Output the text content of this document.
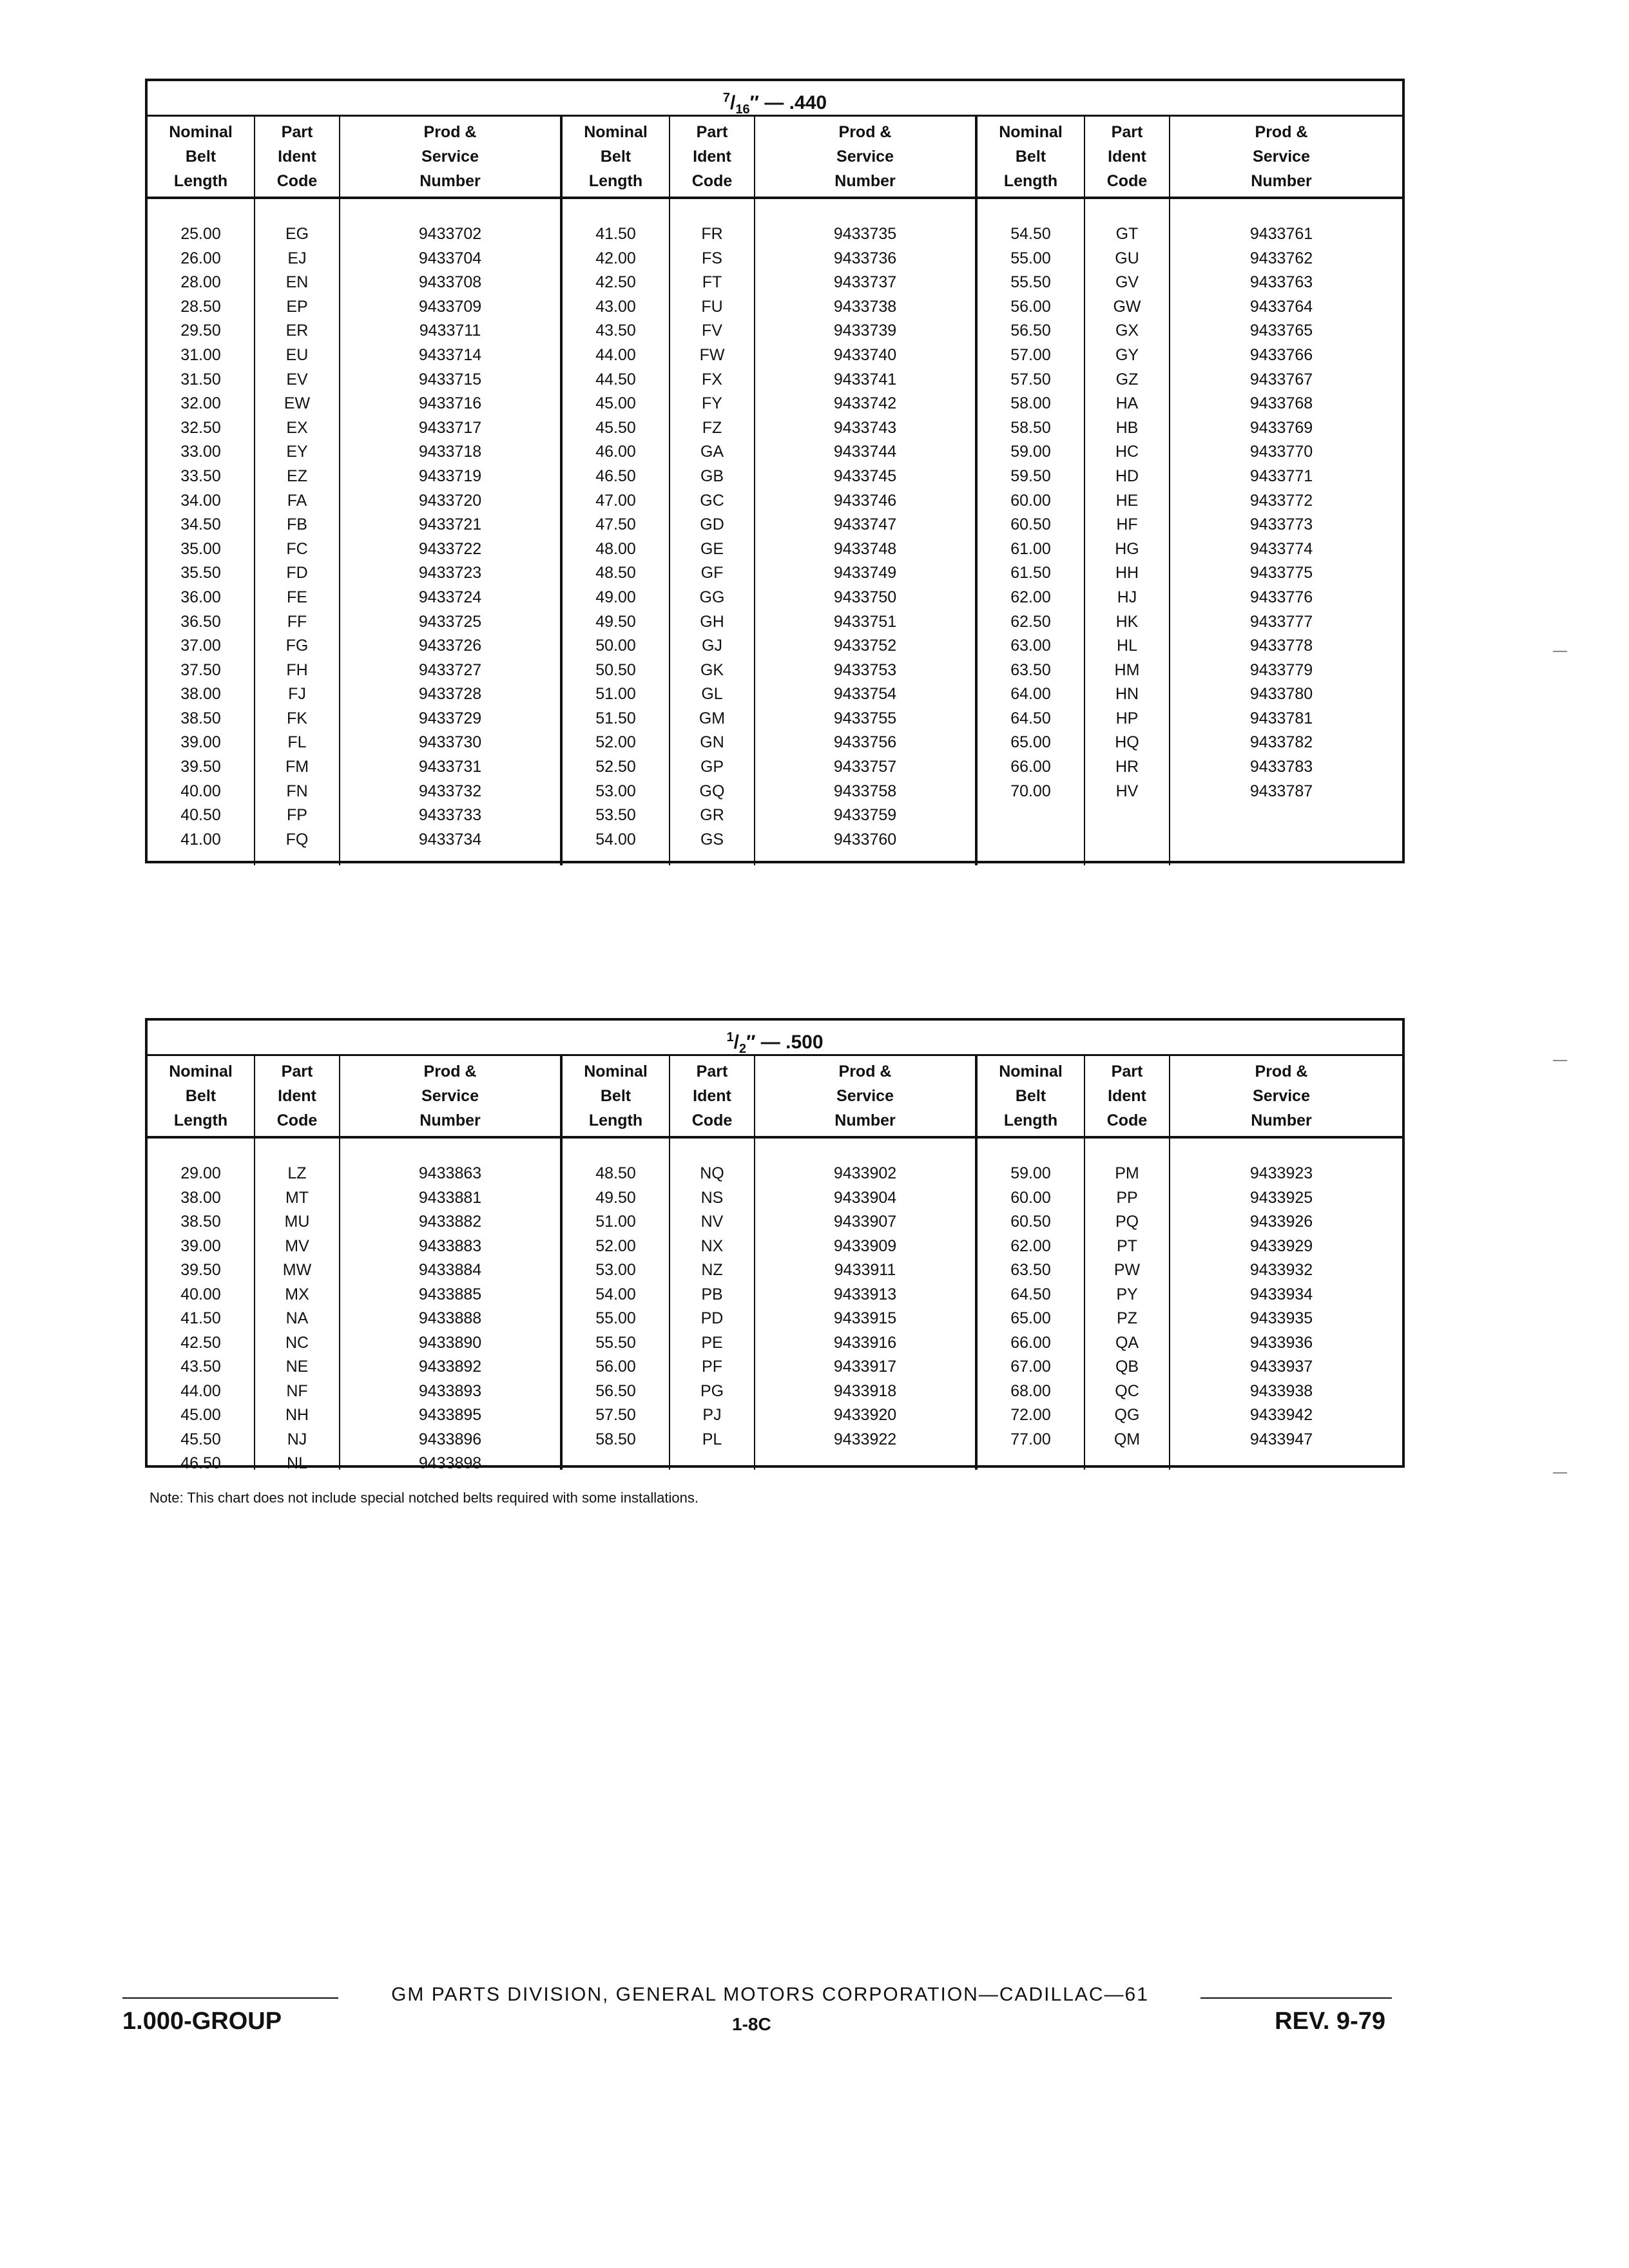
$^7/_{16}''$ — .440
Nominal
Belt
Length
Part
Ident
Code
Prod &
Service
Number
Nominal
Belt
Length
Part
Ident
Code
Prod &
Service
Number
Nominal
Belt
Length
Part
Ident
Code
Prod &
Service
Number
25.00
26.00
28.00
28.50
29.50
31.00
31.50
32.00
32.50
33.00
33.50
34.00
34.50
35.00
35.50
36.00
36.50
37.00
37.50
38.00
38.50
39.00
39.50
40.00
40.50
41.00
EG
EJ
EN
EP
ER
EU
EV
EW
EX
EY
EZ
FA
FB
FC
FD
FE
FF
FG
FH
FJ
FK
FL
FM
FN
FP
FQ
9433702
9433704
9433708
9433709
9433711
9433714
9433715
9433716
9433717
9433718
9433719
9433720
9433721
9433722
9433723
9433724
9433725
9433726
9433727
9433728
9433729
9433730
9433731
9433732
9433733
9433734
41.50
42.00
42.50
43.00
43.50
44.00
44.50
45.00
45.50
46.00
46.50
47.00
47.50
48.00
48.50
49.00
49.50
50.00
50.50
51.00
51.50
52.00
52.50
53.00
53.50
54.00
FR
FS
FT
FU
FV
FW
FX
FY
FZ
GA
GB
GC
GD
GE
GF
GG
GH
GJ
GK
GL
GM
GN
GP
GQ
GR
GS
9433735
9433736
9433737
9433738
9433739
9433740
9433741
9433742
9433743
9433744
9433745
9433746
9433747
9433748
9433749
9433750
9433751
9433752
9433753
9433754
9433755
9433756
9433757
9433758
9433759
9433760
54.50
55.00
55.50
56.00
56.50
57.00
57.50
58.00
58.50
59.00
59.50
60.00
60.50
61.00
61.50
62.00
62.50
63.00
63.50
64.00
64.50
65.00
66.00
70.00
GT
GU
GV
GW
GX
GY
GZ
HA
HB
HC
HD
HE
HF
HG
HH
HJ
HK
HL
HM
HN
HP
HQ
HR
HV
9433761
9433762
9433763
9433764
9433765
9433766
9433767
9433768
9433769
9433770
9433771
9433772
9433773
9433774
9433775
9433776
9433777
9433778
9433779
9433780
9433781
9433782
9433783
9433787
$^1/_2''$ — .500
Nominal
Belt
Length
Part
Ident
Code
Prod &
Service
Number
Nominal
Belt
Length
Part
Ident
Code
Prod &
Service
Number
Nominal
Belt
Length
Part
Ident
Code
Prod &
Service
Number
29.00
38.00
38.50
39.00
39.50
40.00
41.50
42.50
43.50
44.00
45.00
45.50
46.50
LZ
MT
MU
MV
MW
MX
NA
NC
NE
NF
NH
NJ
NL
9433863
9433881
9433882
9433883
9433884
9433885
9433888
9433890
9433892
9433893
9433895
9433896
9433898
48.50
49.50
51.00
52.00
53.00
54.00
55.00
55.50
56.00
56.50
57.50
58.50
NQ
NS
NV
NX
NZ
PB
PD
PE
PF
PG
PJ
PL
9433902
9433904
9433907
9433909
9433911
9433913
9433915
9433916
9433917
9433918
9433920
9433922
59.00
60.00
60.50
62.00
63.50
64.50
65.00
66.00
67.00
68.00
72.00
77.00
PM
PP
PQ
PT
PW
PY
PZ
QA
QB
QC
QG
QM
9433923
9433925
9433926
9433929
9433932
9433934
9433935
9433936
9433937
9433938
9433942
9433947
Note: This chart does not include special notched belts required with some installations.
GM PARTS DIVISION, GENERAL MOTORS CORPORATION—CADILLAC—61
1.000-GROUP	1-8C	REV. 9-79
